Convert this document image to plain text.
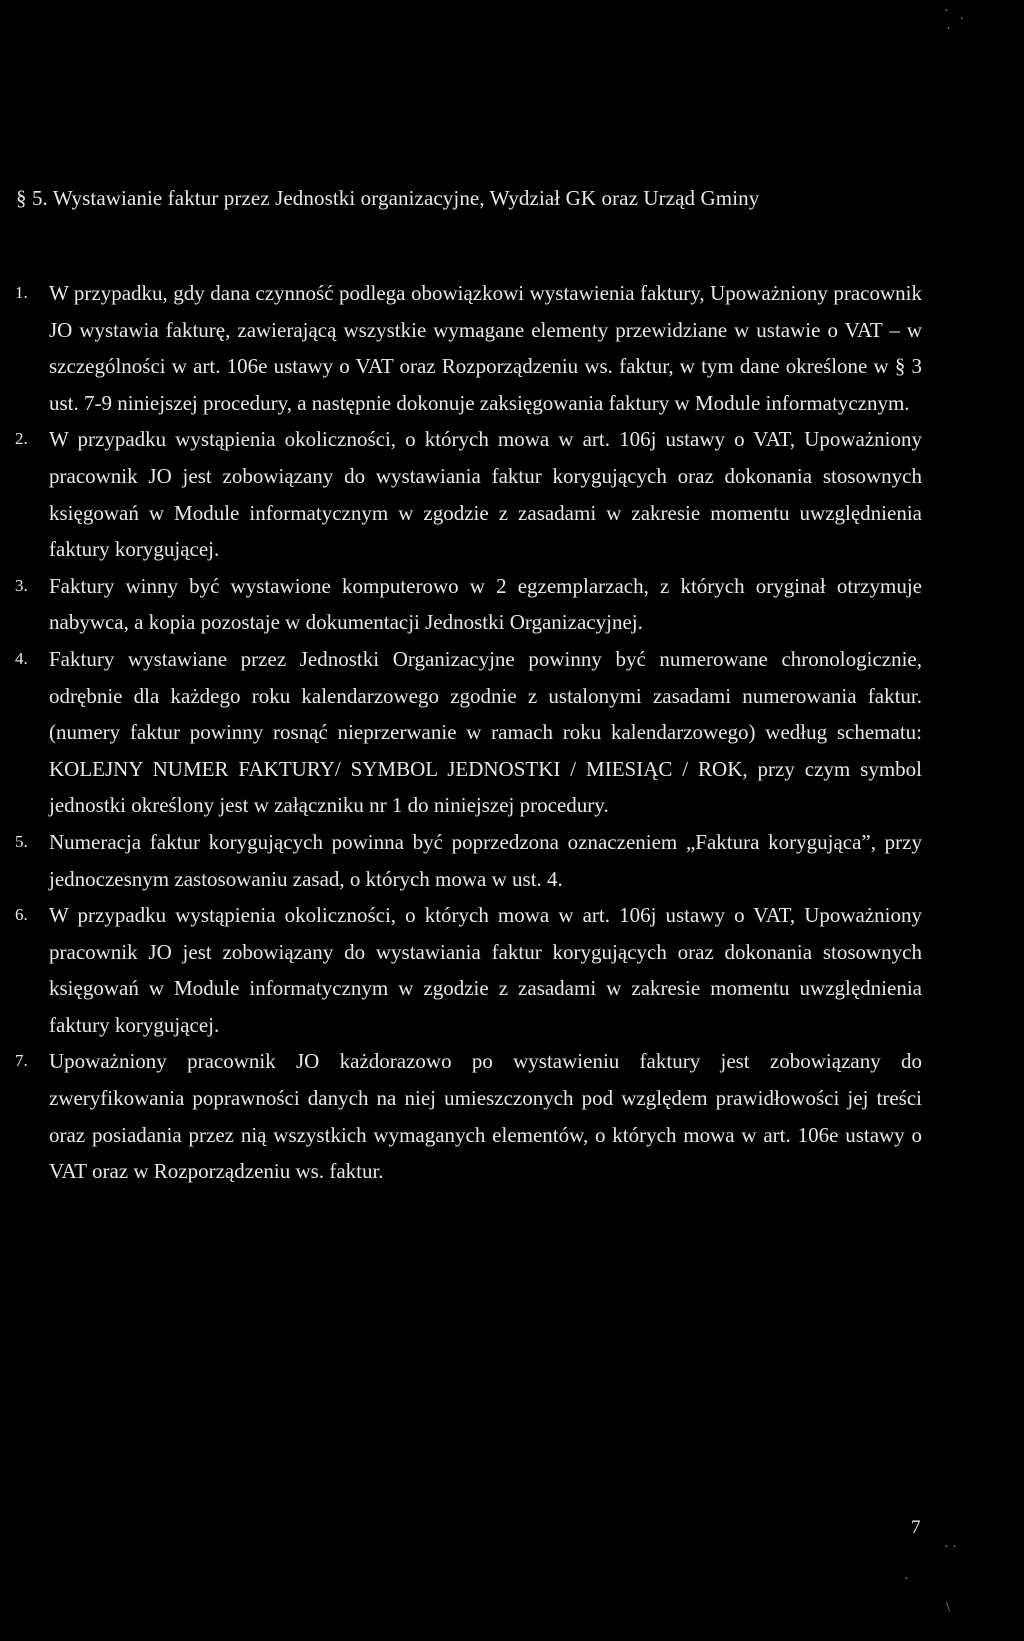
· .
·
§ 5. Wystawianie faktur przez Jednostki organizacyjne, Wydział GK oraz Urząd Gminy
1. W przypadku, gdy dana czynność podlega obowiązkowi wystawienia faktury, Upoważniony pracownik JO wystawia fakturę, zawierającą wszystkie wymagane elementy przewidziane w ustawie o VAT – w szczególności w art. 106e ustawy o VAT oraz Rozporządzeniu ws. faktur, w tym dane określone w § 3 ust. 7-9 niniejszej procedury, a następnie dokonuje zaksięgowania faktury w Module informatycznym.
2. W przypadku wystąpienia okoliczności, o których mowa w art. 106j ustawy o VAT, Upoważniony pracownik JO jest zobowiązany do wystawiania faktur korygujących oraz dokonania stosownych księgowań w Module informatycznym w zgodzie z zasadami w zakresie momentu uwzględnienia faktury korygującej.
3. Faktury winny być wystawione komputerowo w 2 egzemplarzach, z których oryginał otrzymuje nabywca, a kopia pozostaje w dokumentacji Jednostki Organizacyjnej.
4. Faktury wystawiane przez Jednostki Organizacyjne powinny być numerowane chronologicznie, odrębnie dla każdego roku kalendarzowego zgodnie z ustalonymi zasadami numerowania faktur. (numery faktur powinny rosnąć nieprzerwanie w ramach roku kalendarzowego) według schematu: KOLEJNY NUMER FAKTURY/ SYMBOL JEDNOSTKI / MIESIĄC / ROK, przy czym symbol jednostki określony jest w załączniku nr 1 do niniejszej procedury.
5. Numeracja faktur korygujących powinna być poprzedzona oznaczeniem „Faktura korygująca”, przy jednoczesnym zastosowaniu zasad, o których mowa w ust. 4.
6. W przypadku wystąpienia okoliczności, o których mowa w art. 106j ustawy o VAT, Upoważniony pracownik JO jest zobowiązany do wystawiania faktur korygujących oraz dokonania stosownych księgowań w Module informatycznym w zgodzie z zasadami w zakresie momentu uwzględnienia faktury korygującej.
7. Upoważniony pracownik JO każdorazowo po wystawieniu faktury jest zobowiązany do zweryfikowania poprawności danych na niej umieszczonych pod względem prawidłowości jej treści oraz posiadania przez nią wszystkich wymaganych elementów, o których mowa w art. 106e ustawy o VAT oraz w Rozporządzeniu ws. faktur.
7
· ·
·
\
